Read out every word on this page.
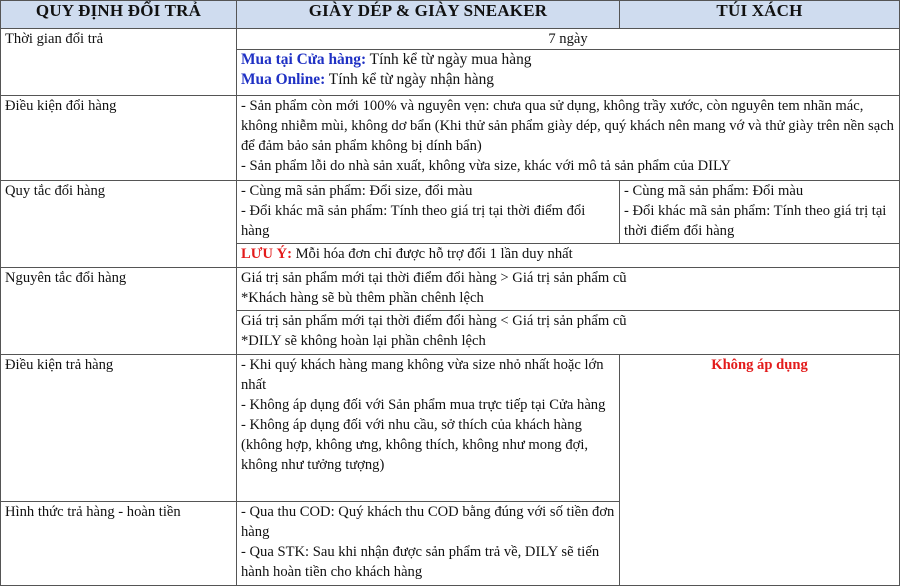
QUY ĐỊNH ĐỔI TRẢ	GIÀY DÉP & GIÀY SNEAKER	TÚI XÁCH
Thời gian đổi trả	7 ngày	

	Mua tại Cửa hàng: Tính kể từ ngày mua hàng
Mua Online: Tính kể từ ngày nhận hàng	

Điều kiện đổi hàng	- Sản phẩm còn mới 100% và nguyên vẹn: chưa qua sử dụng, không trầy xước, còn nguyên tem nhãn mác, không nhiễm mùi, không dơ bẩn (Khi thử sản phẩm giày dép, quý khách nên mang vớ và thử giày trên nền sạch để đảm bảo sản phẩm không bị dính bẩn)
- Sản phẩm lỗi do nhà sản xuất, không vừa size, khác với mô tả sản phẩm của DILY	

Quy tắc đổi hàng	- Cùng mã sản phẩm: Đổi size, đổi màu
- Đổi khác mã sản phẩm: Tính theo giá trị tại thời điểm đổi hàng	- Cùng mã sản phẩm: Đổi màu
- Đổi khác mã sản phẩm: Tính theo giá trị tại thời điểm đổi hàng

	LƯU Ý: Mỗi hóa đơn chỉ được hỗ trợ đổi 1 lần duy nhất	
Nguyên tắc đổi hàng	Giá trị sản phẩm mới tại thời điểm đổi hàng > Giá trị sản phẩm cũ
*Khách hàng sẽ bù thêm phần chênh lệch	

	Giá trị sản phẩm mới tại thời điểm đổi hàng < Giá trị sản phẩm cũ
*DILY sẽ không hoàn lại phần chênh lệch	

Điều kiện trả hàng	- Khi quý khách hàng mang không vừa size nhỏ nhất hoặc lớn nhất
- Không áp dụng đối với Sản phẩm mua trực tiếp tại Cửa hàng
- Không áp dụng đối với nhu cầu, sở thích của khách hàng (không hợp, không ưng, không thích, không như mong đợi, không như tưởng tượng)	Không áp dụng
Hình thức trả hàng - hoàn tiền	- Qua thu COD: Quý khách thu COD bằng đúng với số tiền đơn hàng
- Qua STK: Sau khi nhận được sản phẩm trả về, DILY sẽ tiến hành hoàn tiền cho khách hàng	
